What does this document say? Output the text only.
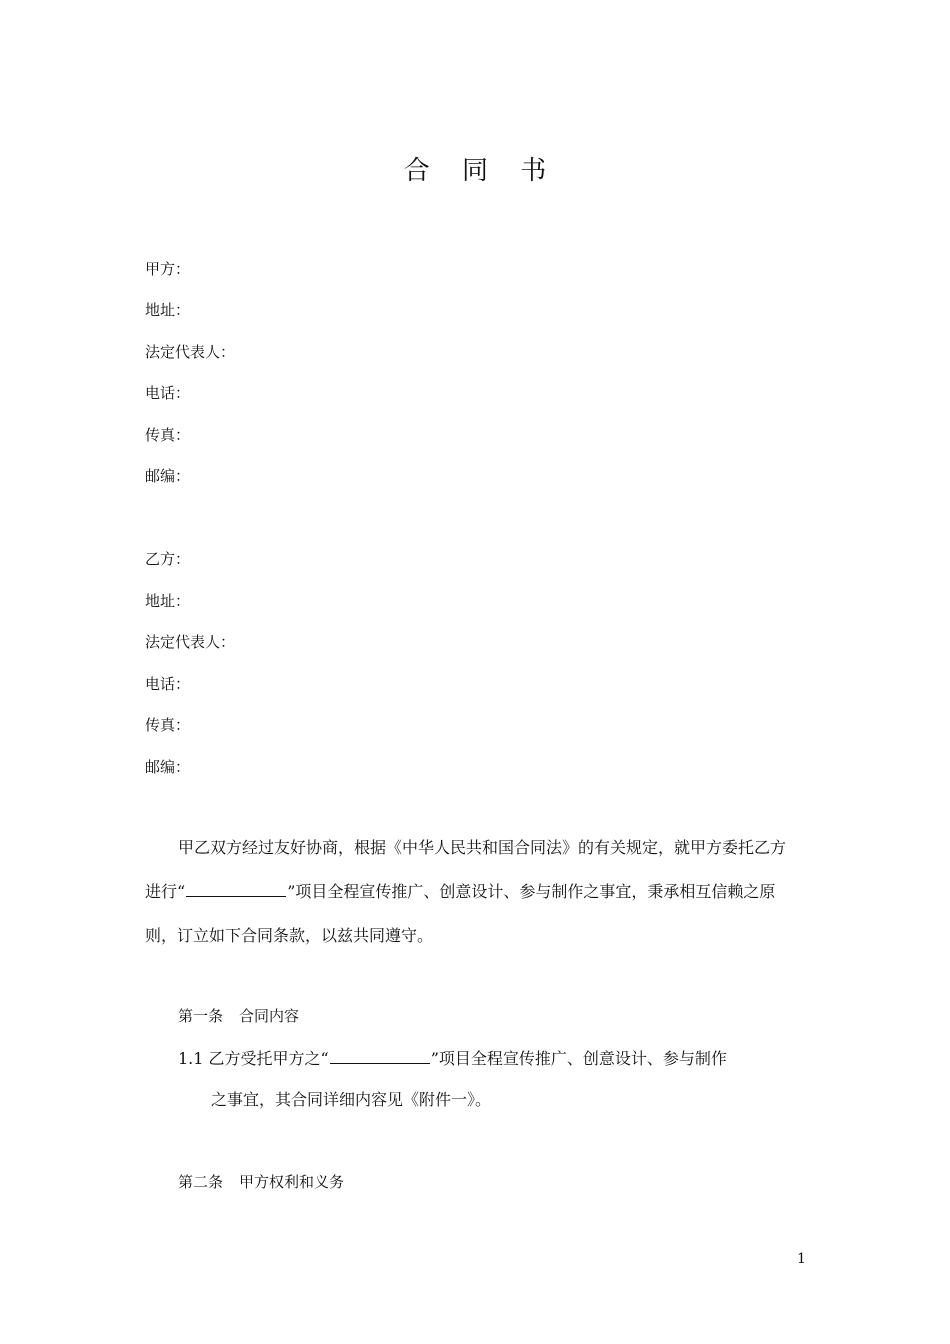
合 同 书
甲方：
地址：
法定代表人：
电话：
传真：
邮编：
乙方：
地址：
法定代表人：
电话：
传真：
邮编：
甲乙双方经过友好协商，根据《中华人民共和国合同法》的有关规定，就甲方委托乙方
进行“	”项目全程宣传推广、创意设计、参与制作之事宜，秉承相互信赖之原
则，订立如下合同条款，以兹共同遵守。
第一条 合同内容
1.1 乙方受托甲方之“	”项目全程宣传推广、创意设计、参与制作
之事宜，其合同详细内容见《附件一》。
第二条 甲方权利和义务
1
